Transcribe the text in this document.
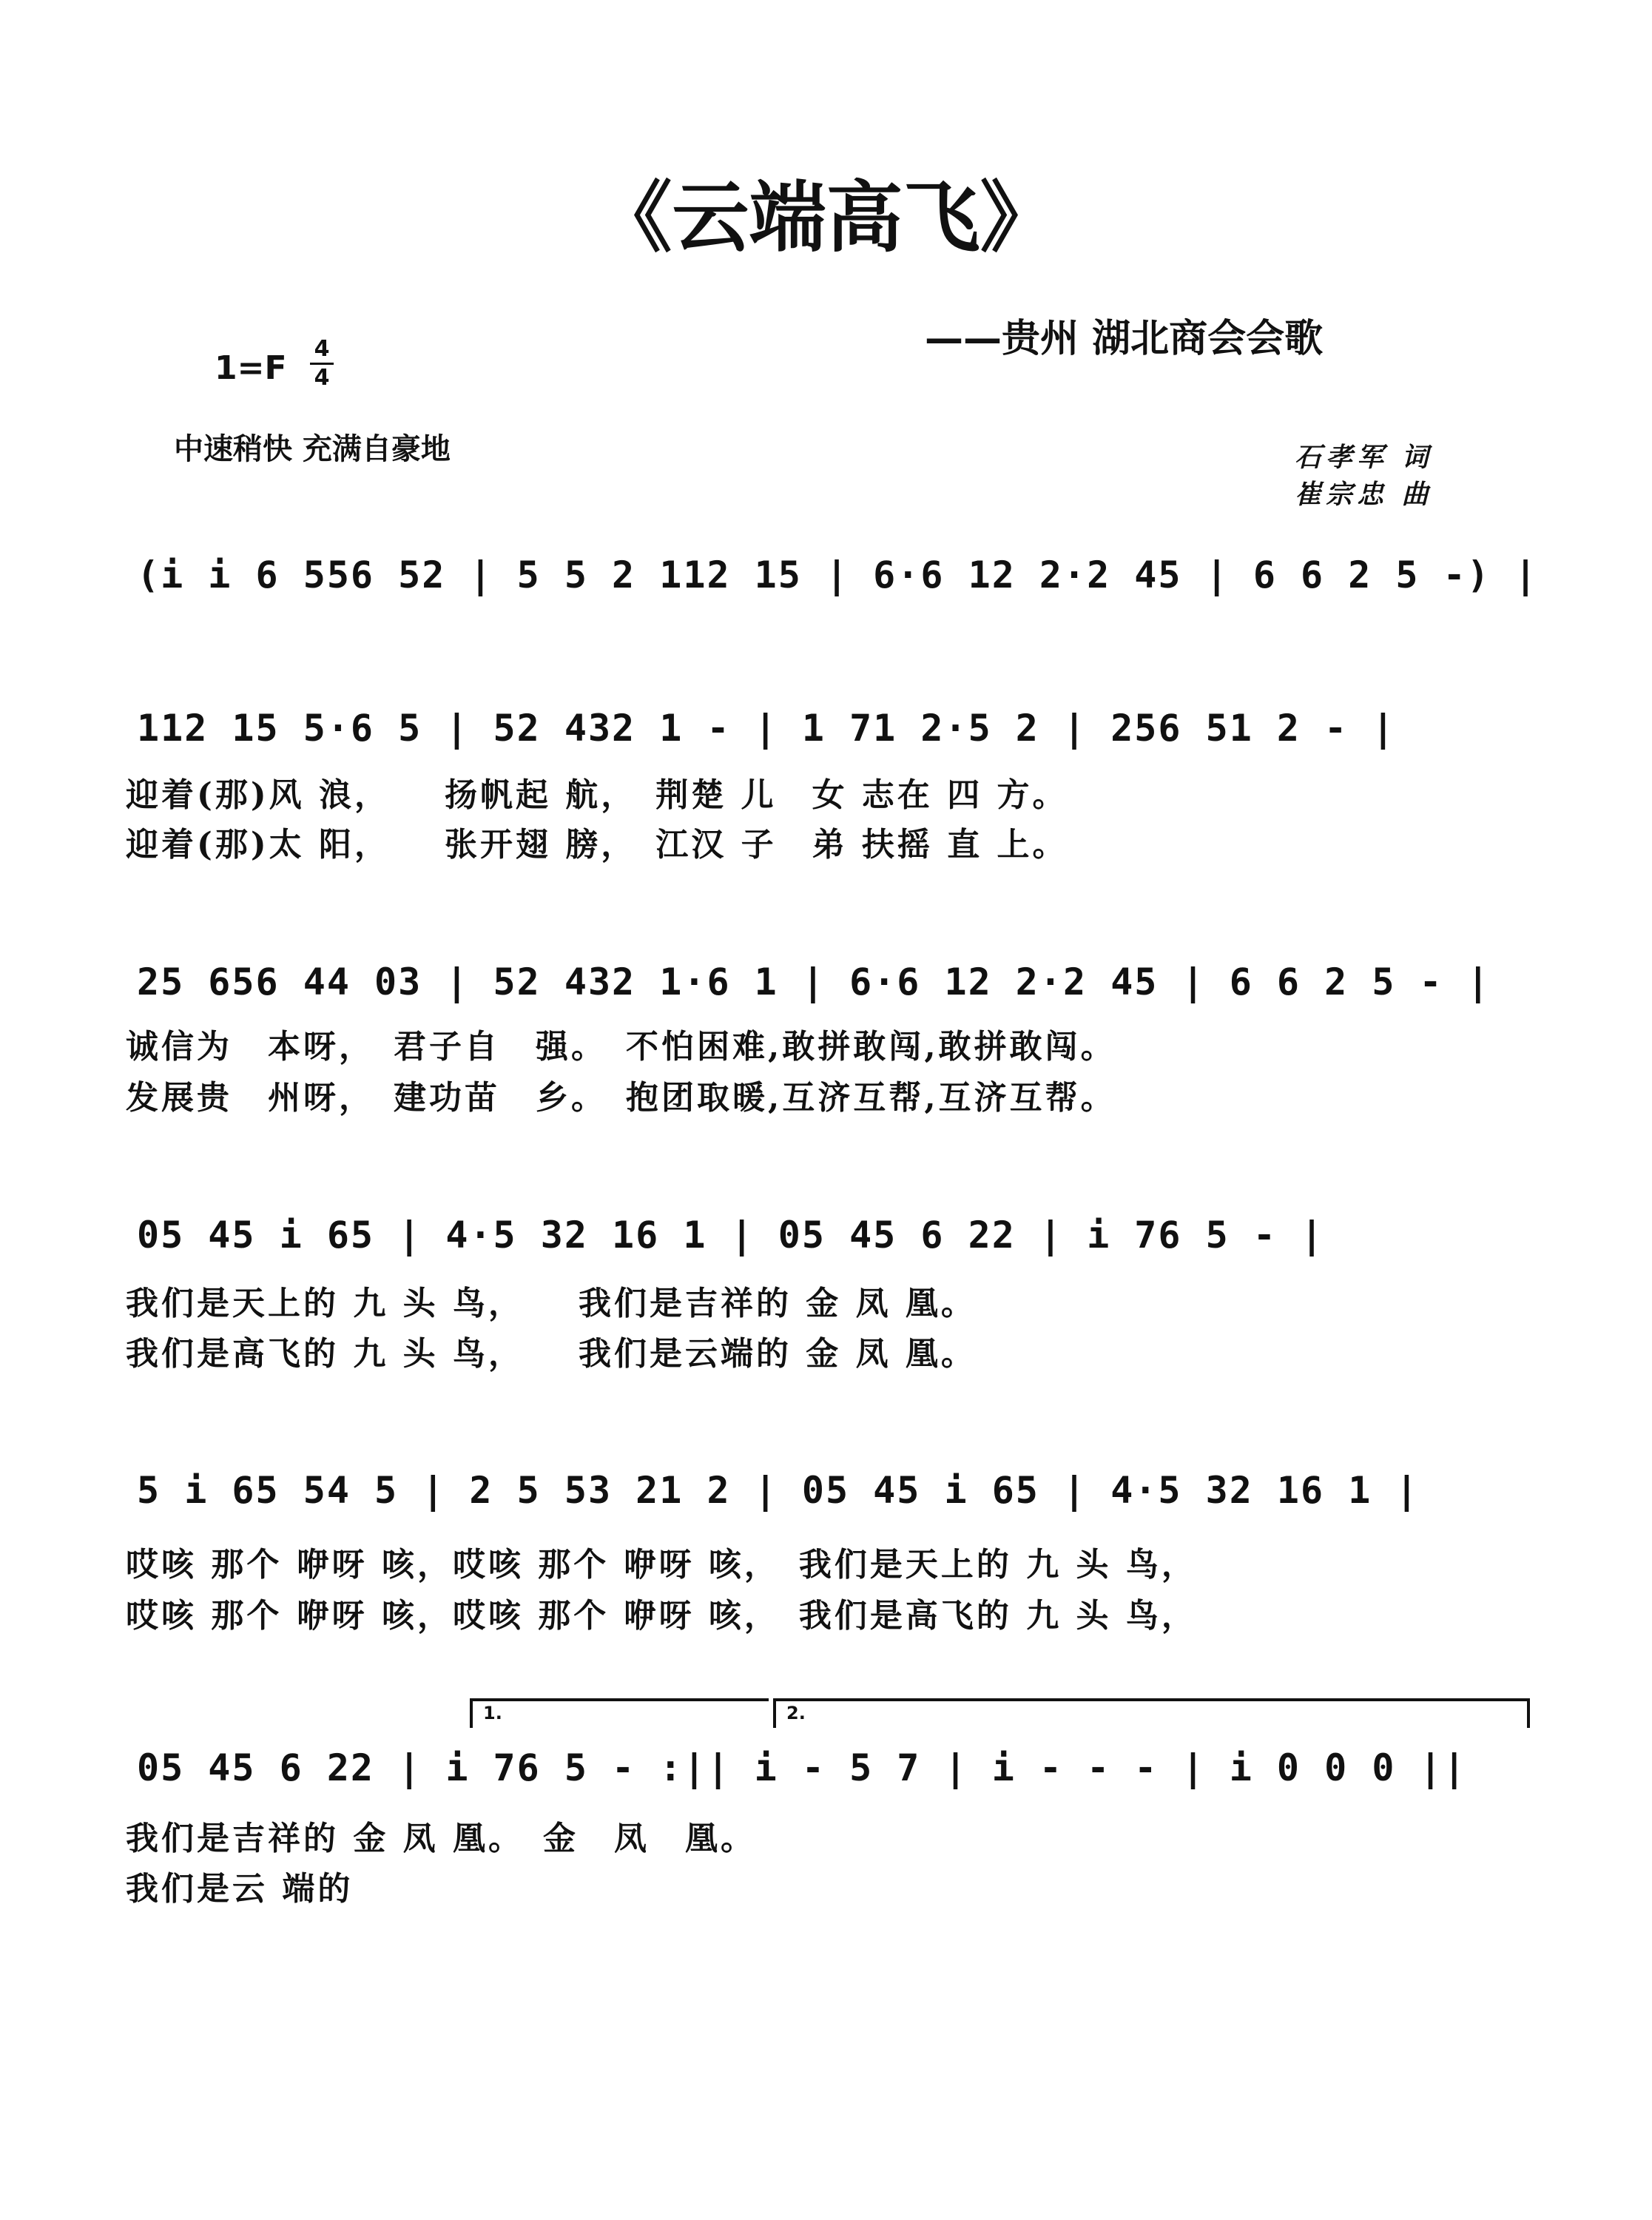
《云端高飞》
——贵州 湖北商会会歌
1=F
4
4
中速稍快 充满自豪地	石孝军 词
崔宗忠 曲
(i i 6 556 52 | 5 5 2 112 15 | 6·6 12 2·2 45 | 6 6 2 5 -) |
112 15 5·6 5 | 52 432 1 - | 1 71 2·5 2 | 256 51 2 - |
迎着(那)风 浪，　　扬帆起 航，　荆楚 儿　女 志在 四 方。
迎着(那)太 阳，　　张开翅 膀，　江汉 子　弟 扶摇 直 上。
25 656 44 03 | 52 432 1·6 1 | 6·6 12 2·2 45 | 6 6 2 5 - |
诚信为　本呀，　君子自　强。　不怕困难,敢拼敢闯,敢拼敢闯。
发展贵　州呀，　建功苗　乡。　抱团取暖,互济互帮,互济互帮。
05 45 i 65 | 4·5 32 16 1 | 05 45 6 22 | i 76 5 - |
我们是天上的 九 头 鸟，　　我们是吉祥的 金 凤 凰。
我们是高飞的 九 头 鸟，　　我们是云端的 金 凤 凰。
5 i 65 54 5 | 2 5 53 21 2 | 05 45 i 65 | 4·5 32 16 1 |
哎咳 那个 咿呀 咳，哎咳 那个 咿呀 咳，　我们是天上的 九 头 鸟，
哎咳 那个 咿呀 咳，哎咳 那个 咿呀 咳，　我们是高飞的 九 头 鸟，
1.	2.
05 45 6 22 | i 76 5 - :|| i - 5 7 | i - - - | i 0 0 0 ||
我们是吉祥的 金 凤 凰。　金　凤　凰。
我们是云 端的
